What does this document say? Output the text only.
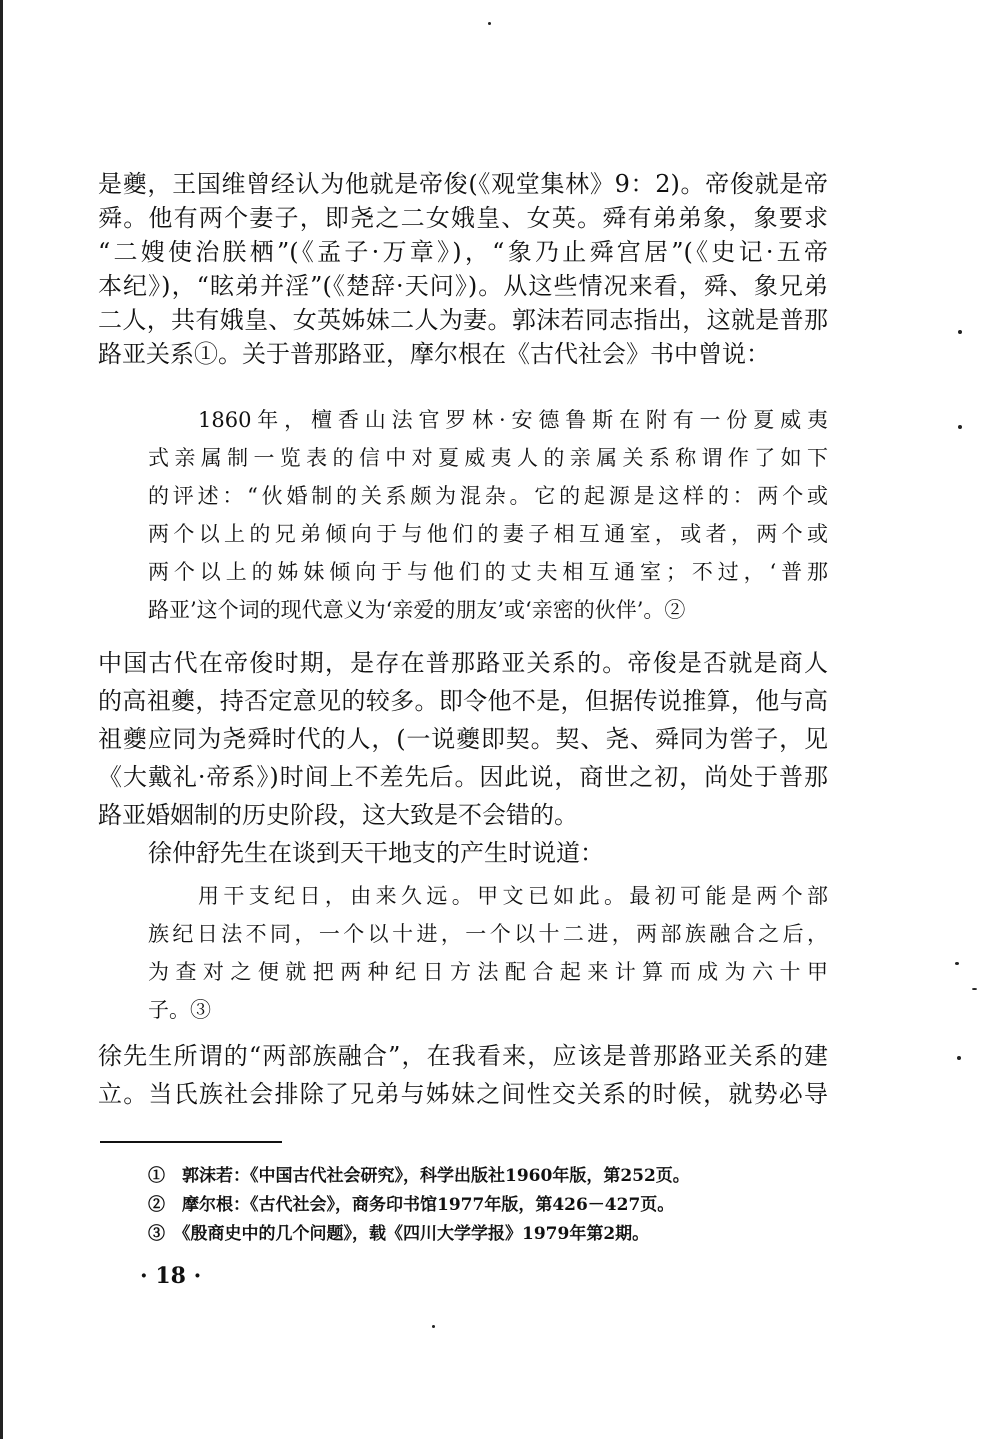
是夔，王国维曾经认为他就是帝俊(《观堂集林》9：2)。帝俊就是帝
舜。他有两个妻子，即尧之二女娥皇、女英。舜有弟弟象，象要求
“二嫂使治朕栖”(《孟子·万章》)，“象乃止舜宫居”(《史记·五帝
本纪》)，“眩弟并淫”(《楚辞·天问》)。从这些情况来看，舜、象兄弟
二人，共有娥皇、女英姊妹二人为妻。郭沫若同志指出，这就是普那
路亚关系①。关于普那路亚，摩尔根在《古代社会》书中曾说：
1860年，檀香山法官罗林·安德鲁斯在附有一份夏威夷
式亲属制一览表的信中对夏威夷人的亲属关系称谓作了如下
的评述：“伙婚制的关系颇为混杂。它的起源是这样的：两个或
两个以上的兄弟倾向于与他们的妻子相互通室，或者，两个或
两个以上的姊妹倾向于与他们的丈夫相互通室；不过，‘普那
路亚’这个词的现代意义为‘亲爱的朋友’或‘亲密的伙伴’。②
中国古代在帝俊时期，是存在普那路亚关系的。帝俊是否就是商人
的高祖夔，持否定意见的较多。即令他不是，但据传说推算，他与高
祖夔应同为尧舜时代的人，(一说夔即契。契、尧、舜同为喾子，见
《大戴礼·帝系》)时间上不差先后。因此说，商世之初，尚处于普那
路亚婚姻制的历史阶段，这大致是不会错的。
徐仲舒先生在谈到天干地支的产生时说道：
用干支纪日，由来久远。甲文已如此。最初可能是两个部
族纪日法不同，一个以十进，一个以十二进，两部族融合之后，
为查对之便就把两种纪日方法配合起来计算而成为六十甲
子。③
徐先生所谓的“两部族融合”，在我看来，应该是普那路亚关系的建
立。当氏族社会排除了兄弟与姊妹之间性交关系的时候，就势必导
①　郭沫若：《中国古代社会研究》，科学出版社1960年版，第252页。
②　摩尔根：《古代社会》，商务印书馆1977年版，第426－427页。
③　《殷商史中的几个问题》，载《四川大学学报》1979年第2期。
· 18 ·
